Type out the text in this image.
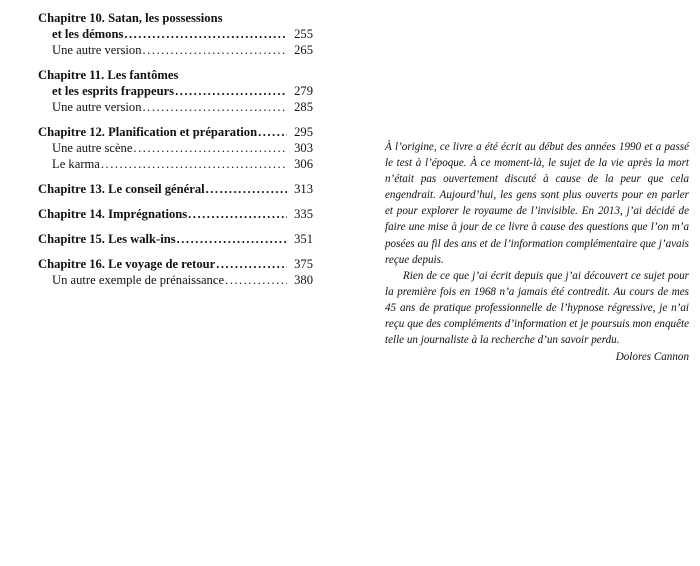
Chapitre 10. Satan, les possessions
et les démons .....	255
Une autre version .....	265
Chapitre 11. Les fantômes
et les esprits frappeurs .....	279
Une autre version .....	285
Chapitre 12. Planification et préparation .....	295
Une autre scène .....	303
Le karma .....	306
Chapitre 13. Le conseil général .....	313
Chapitre 14. Imprégnations .....	335
Chapitre 15. Les walk-ins .....	351
Chapitre 16. Le voyage de retour .....	375
Un autre exemple de prénaissance .....	380

À l’origine, ce livre a été écrit au début des années 1990 et a passé le test à l’époque. À ce moment-là, le sujet de la vie après la mort n’était pas ouvertement discuté à cause de la peur que cela engendrait. Aujourd’hui, les gens sont plus ouverts pour en parler et pour explorer le royaume de l’invisible. En 2013, j’ai décidé de faire une mise à jour de ce livre à cause des questions que l’on m’a posées au fil des ans et de l’information complémentaire que j’avais reçue depuis.

Rien de ce que j’ai écrit depuis que j’ai découvert ce sujet pour la première fois en 1968 n’a jamais été contredit. Au cours de mes 45 ans de pratique professionnelle de l’hypnose régressive, je n’ai reçu que des compléments d’information et je poursuis mon enquête telle un journaliste à la recherche d’un savoir perdu.

Dolores Cannon
